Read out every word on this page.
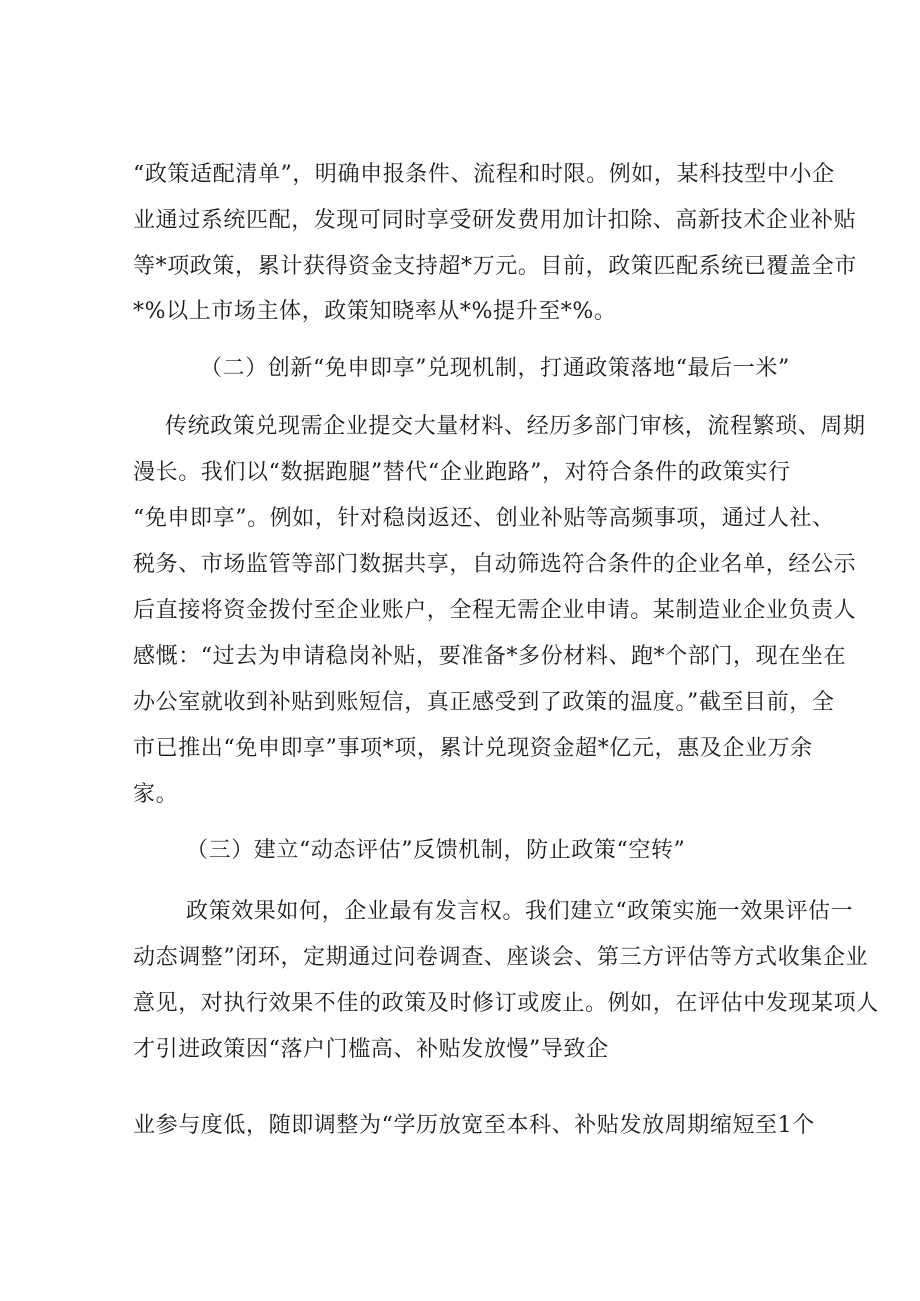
“政策适配清单”，明确申报条件、流程和时限。例如，某科技型中小企
业通过系统匹配，发现可同时享受研发费用加计扣除、高新技术企业补贴
等*项政策，累计获得资金支持超*万元。目前，政策匹配系统已覆盖全市
*%以上市场主体，政策知晓率从*%提升至*%。
（二）创新“免申即享”兑现机制，打通政策落地“最后一米”
传统政策兑现需企业提交大量材料、经历多部门审核，流程繁琐、周期
漫长。我们以“数据跑腿”替代“企业跑路”，对符合条件的政策实行
“免申即享”。例如，针对稳岗返还、创业补贴等高频事项，通过人社、
税务、市场监管等部门数据共享，自动筛选符合条件的企业名单，经公示
后直接将资金拨付至企业账户，全程无需企业申请。某制造业企业负责人
感慨：“过去为申请稳岗补贴，要准备*多份材料、跑*个部门，现在坐在
办公室就收到补贴到账短信，真正感受到了政策的温度。”截至目前，全
市已推出“免申即享”事项*项，累计兑现资金超*亿元，惠及企业万余
家。
（三）建立“动态评估”反馈机制，防止政策“空转”
政策效果如何，企业最有发言权。我们建立“政策实施一效果评估一
动态调整”闭环，定期通过问卷调查、座谈会、第三方评估等方式收集企业
意见，对执行效果不佳的政策及时修订或废止。例如，在评估中发现某项人
才引进政策因“落户门槛高、补贴发放慢”导致企
业参与度低，随即调整为“学历放宽至本科、补贴发放周期缩短至1个
